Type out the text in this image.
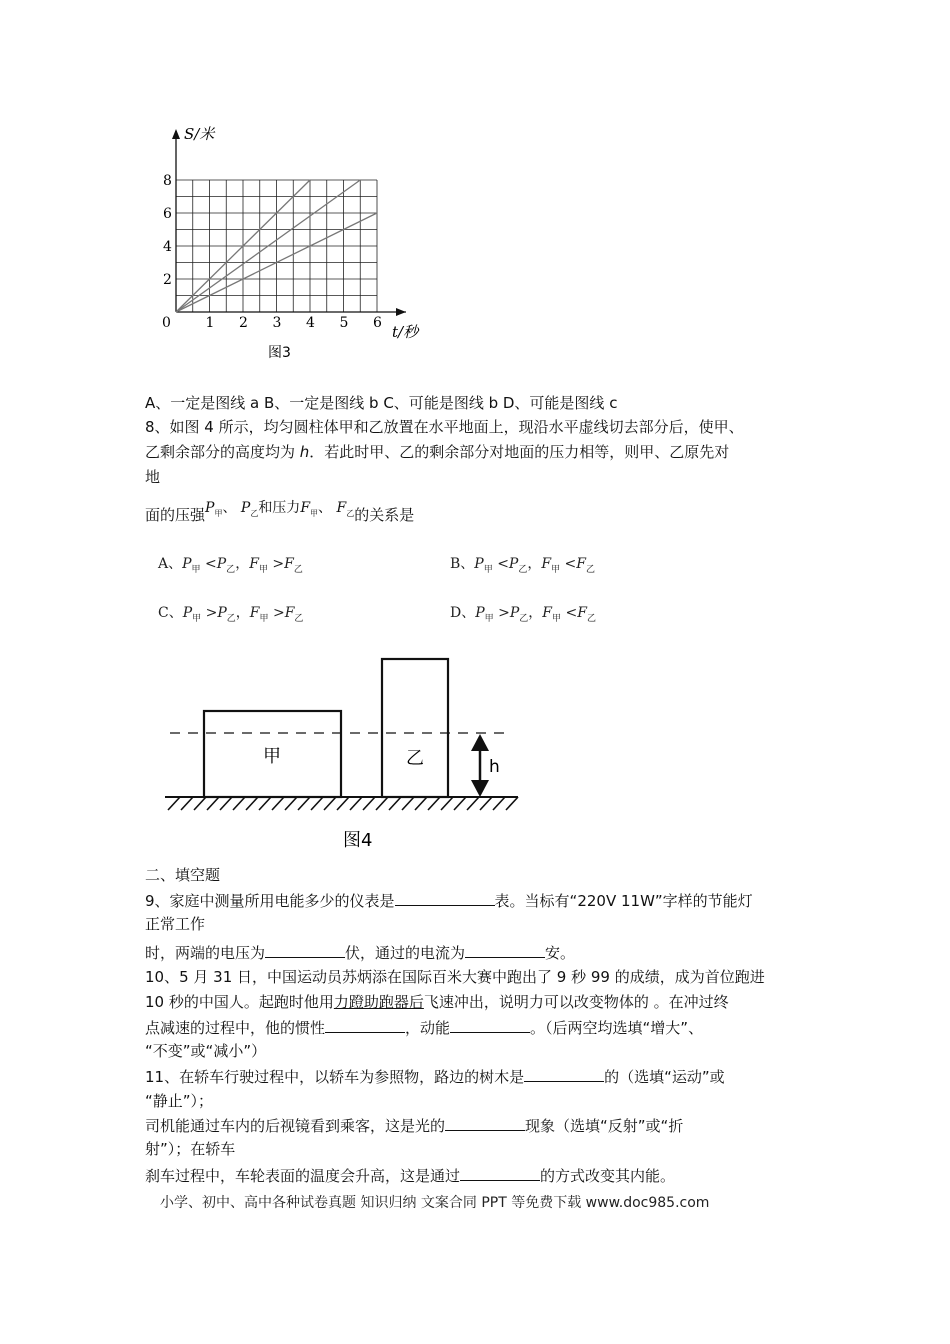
1 2 3 4 5 6
2
4
6
8
S/米
t/秒
0
图3
A、一定是图线 a B、一定是图线 b C、可能是图线 b D、可能是图线 c
8、如图 4 所示，均匀圆柱体甲和乙放置在水平地面上，现沿水平虚线切去部分后，使甲、
乙剩余部分的高度均为 h．若此时甲、乙的剩余部分对地面的压力相等，则甲、乙原先对
地
面的压强$P_甲$、 $P_乙$和压力$F_甲$、 $F_乙$的关系是
A、$P_甲 <P_乙$，$F_甲 >F_乙$	B、$P_甲 <P_乙$，$F_甲 <F_乙$
C、$P_甲 >P_乙$，$F_甲 >F_乙$	D、$P_甲 >P_乙$，$F_甲 <F_乙$
甲	乙	h
图4
二、填空题
9、家庭中测量所用电能多少的仪表是	表。当标有“220V 11W”字样的节能灯
正常工作
时，两端的电压为	伏，通过的电流为	安。
10、5 月 31 日，中国运动员苏炳添在国际百米大赛中跑出了 9 秒 99 的成绩，成为首位跑进
10 秒的中国人。起跑时他用力蹬助跑器后飞速冲出，说明力可以改变物体的 。在冲过终
点减速的过程中，他的惯性	，动能	。（后两空均选填“增大”、
“不变”或“减小”）
11、在轿车行驶过程中，以轿车为参照物，路边的树木是	的（选填“运动”或
“静止”）；
司机能通过车内的后视镜看到乘客，这是光的	现象（选填“反射”或“折
射”）；在轿车
刹车过程中，车轮表面的温度会升高，这是通过	的方式改变其内能。
小学、初中、高中各种试卷真题 知识归纳 文案合同 PPT 等免费下载 www.doc985.com
